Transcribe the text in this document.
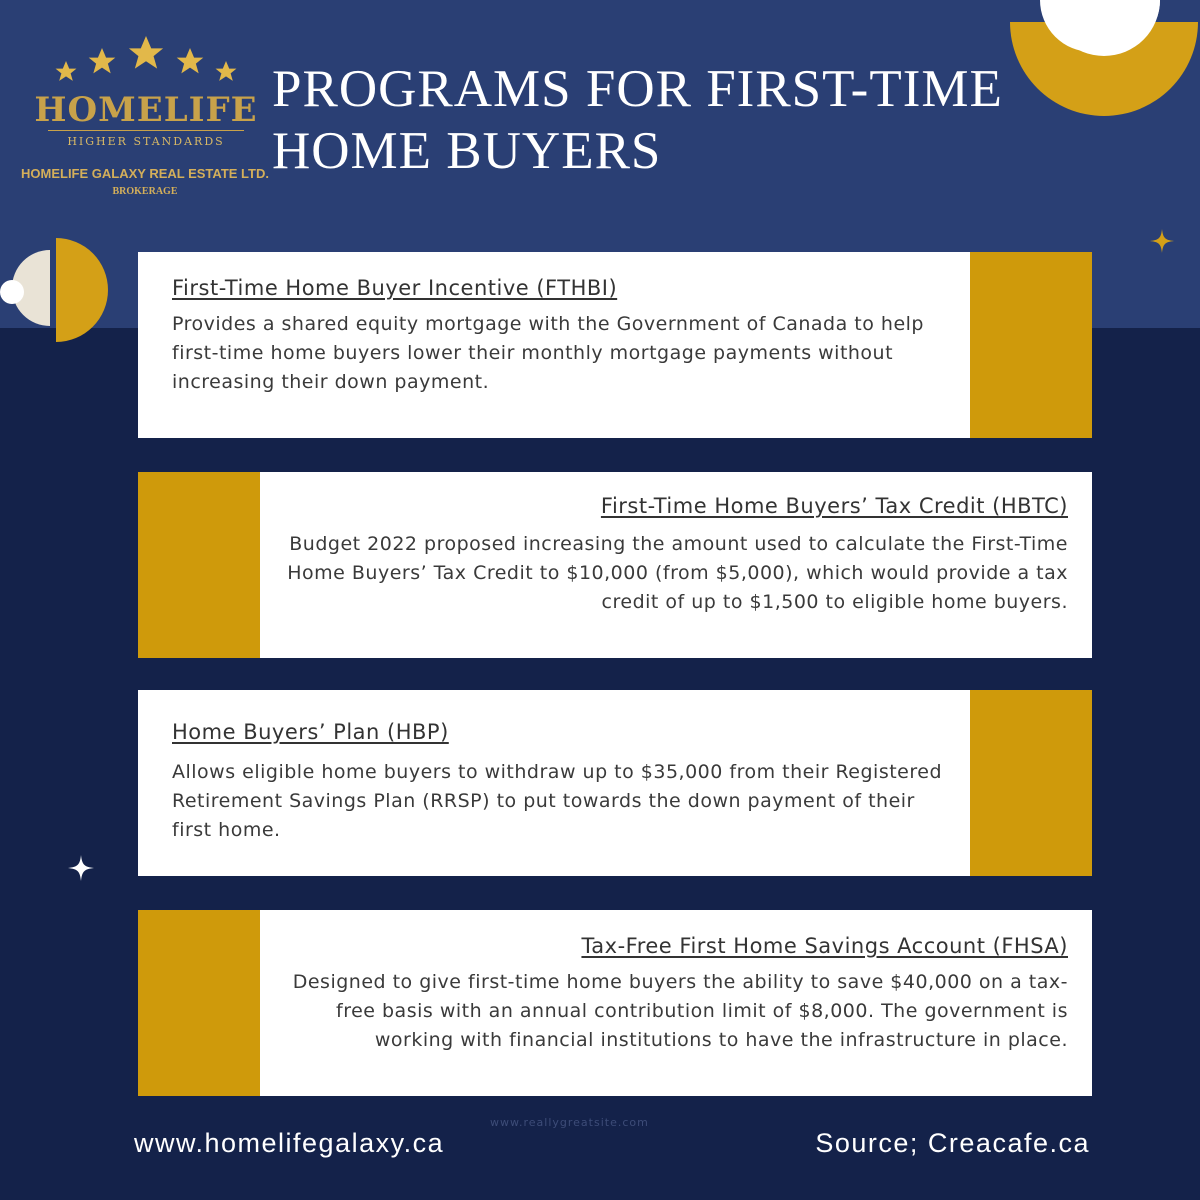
HOMELIFE
HIGHER STANDARDS
HOMELIFE GALAXY REAL ESTATE LTD.
BROKERAGE
PROGRAMS FOR FIRST-TIME HOME BUYERS
First-Time Home Buyer Incentive (FTHBI)

Provides a shared equity mortgage with the Government of Canada to help first-time home buyers lower their monthly mortgage payments without increasing their down payment.

First-Time Home Buyers’ Tax Credit (HBTC)

Budget 2022 proposed increasing the amount used to calculate the First-Time Home Buyers’ Tax Credit to $10,000 (from $5,000), which would provide a tax credit of up to $1,500 to eligible home buyers.

Home Buyers’ Plan (HBP)

Allows eligible home buyers to withdraw up to $35,000 from their Registered Retirement Savings Plan (RRSP) to put towards the down payment of their first home.

Tax-Free First Home Savings Account (FHSA)

Designed to give first-time home buyers the ability to save $40,000 on a tax-free basis with an annual contribution limit of $8,000. The government is working with financial institutions to have the infrastructure in place.

www.reallygreatsite.com
www.homelifegalaxy.ca	Source; Creacafe.ca
